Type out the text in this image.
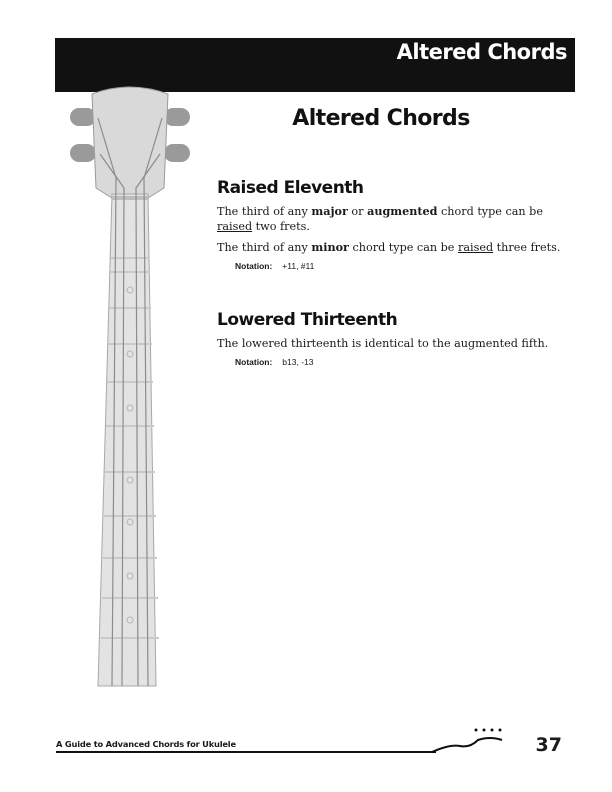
Altered Chords
Altered Chords
Raised Eleventh

The third of any major or augmented chord type can be raised two frets.

The third of any minor chord type can be raised three frets.

Notation: +11, #11
Lowered Thirteenth

The lowered thirteenth is identical to the augmented fifth.

Notation: b13, -13
A Guide to Advanced Chords for Ukulele	37
